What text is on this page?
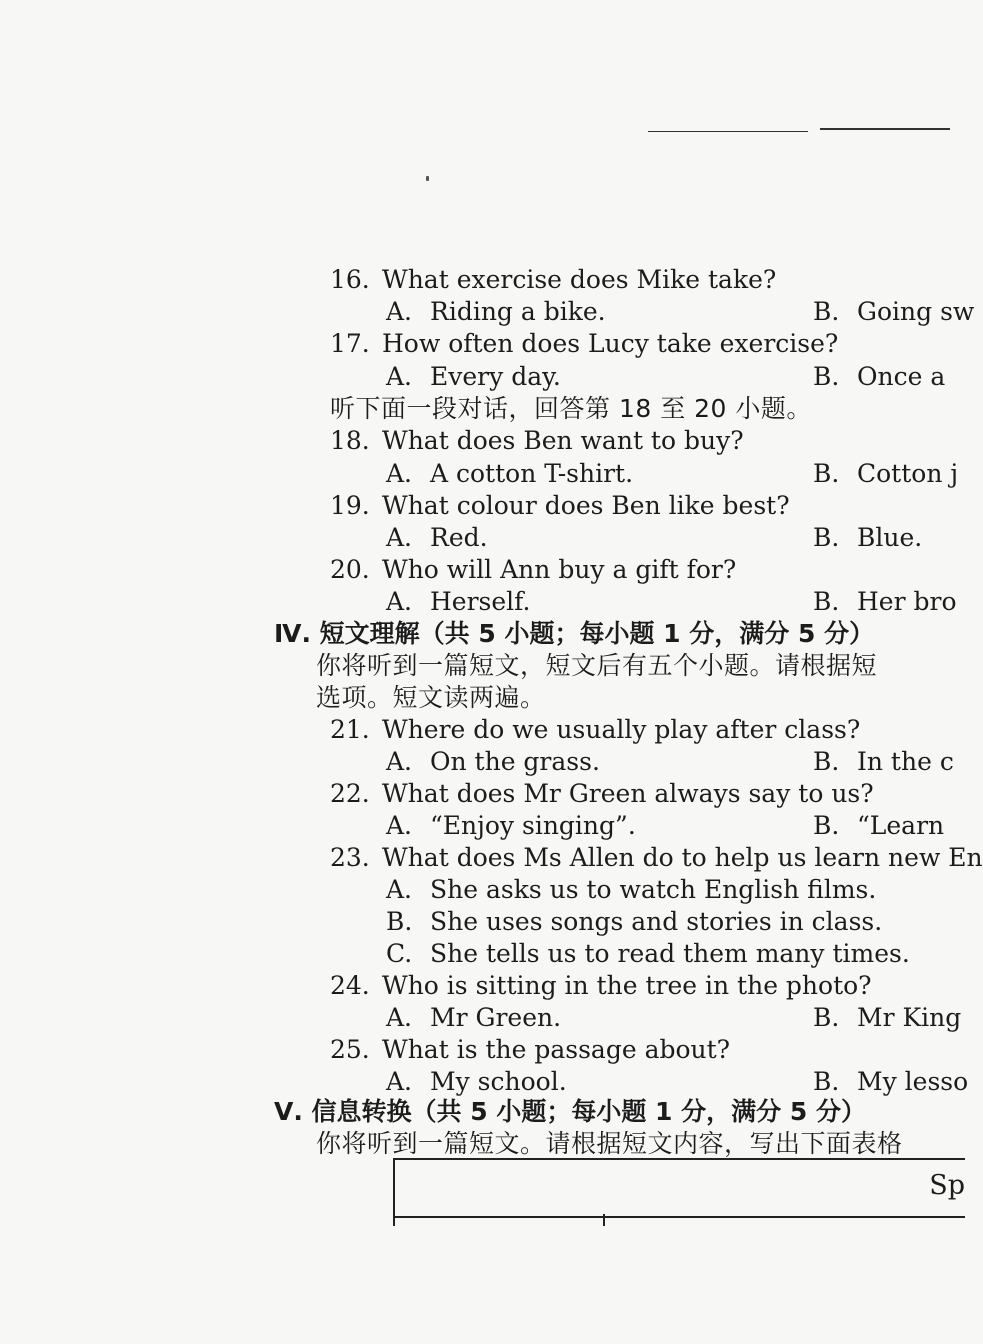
16. What exercise does Mike take?
A. Riding a bike.	B. Going sw
17. How often does Lucy take exercise?
A. Every day.	B. Once a
听下面一段对话，回答第 18 至 20 小题。
18. What does Ben want to buy?
A. A cotton T-shirt.	B. Cotton j
19. What colour does Ben like best?
A. Red.	B. Blue.
20. Who will Ann buy a gift for?
A. Herself.	B. Her bro
Ⅳ. 短文理解（共 5 小题；每小题 1 分，满分 5 分）
你将听到一篇短文，短文后有五个小题。请根据短
选项。短文读两遍。
21. Where do we usually play after class?
A. On the grass.	B. In the c
22. What does Mr Green always say to us?
A. “Enjoy singing”.	B. “Learn
23. What does Ms Allen do to help us learn new En
A. She asks us to watch English films.
B. She uses songs and stories in class.
C. She tells us to read them many times.
24. Who is sitting in the tree in the photo?
A. Mr Green.	B. Mr King
25. What is the passage about?
A. My school.	B. My lesso
Ⅴ. 信息转换（共 5 小题；每小题 1 分，满分 5 分）
你将听到一篇短文。请根据短文内容，写出下面表格
Sp
